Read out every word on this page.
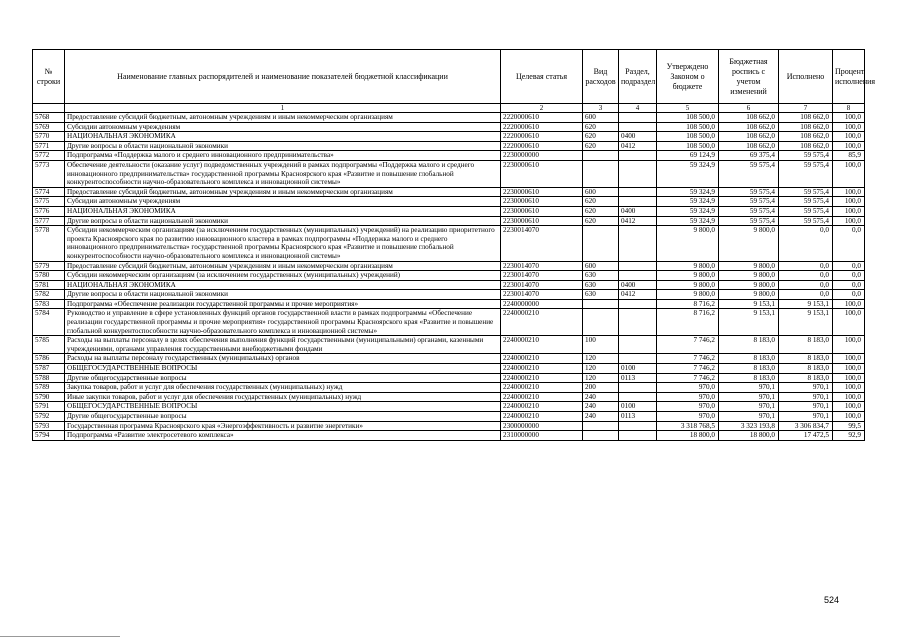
№ строки	Наименование главных распорядителей и наименование показателей бюджетной классификации	Целевая статья	Вид расходов	Раздел, подраздел	Утверждено Законом о бюджете	Бюджетная роспись с учетом изменений	Исполнено	Процент исполнения
	1	2	3	4	5	6	7	8
5768	Предоставление субсидий бюджетным, автономным учреждениям и иным некоммерческим организациям	2220000610	600		108 500,0	108 662,0	108 662,0	100,0
5769	Субсидии автономным учреждениям	2220000610	620		108 500,0	108 662,0	108 662,0	100,0
5770	НАЦИОНАЛЬНАЯ ЭКОНОМИКА	2220000610	620	0400	108 500,0	108 662,0	108 662,0	100,0
5771	Другие вопросы в области национальной экономики	2220000610	620	0412	108 500,0	108 662,0	108 662,0	100,0
5772	Подпрограмма «Поддержка малого и среднего инновационного предпринимательства»	2230000000			69 124,9	69 375,4	59 575,4	85,9
5773	Обеспечение деятельности (оказание услуг) подведомственных учреждений в рамках подпрограммы «Поддержка малого и среднего инновационного предпринимательства» государственной программы Красноярского края «Развитие и повышение глобальной конкурентоспособности научно-образовательного комплекса и инновационной системы»	2230000610			59 324,9	59 575,4	59 575,4	100,0
5774	Предоставление субсидий бюджетным, автономным учреждениям и иным некоммерческим организациям	2230000610	600		59 324,9	59 575,4	59 575,4	100,0
5775	Субсидии автономным учреждениям	2230000610	620		59 324,9	59 575,4	59 575,4	100,0
5776	НАЦИОНАЛЬНАЯ ЭКОНОМИКА	2230000610	620	0400	59 324,9	59 575,4	59 575,4	100,0
5777	Другие вопросы в области национальной экономики	2230000610	620	0412	59 324,9	59 575,4	59 575,4	100,0
5778	Субсидии некоммерческим организациям (за исключением государственных (муниципальных) учреждений) на реализацию приоритетного проекта Красноярского края по развитию инновационного кластера в рамках подпрограммы «Поддержка малого и среднего инновационного предпринимательства» государственной программы Красноярского края «Развитие и повышение глобальной конкурентоспособности научно-образовательного комплекса и инновационной системы»	2230014070			9 800,0	9 800,0	0,0	0,0
5779	Предоставление субсидий бюджетным, автономным учреждениям и иным некоммерческим организациям	2230014070	600		9 800,0	9 800,0	0,0	0,0
5780	Субсидии некоммерческим организациям (за исключением государственных (муниципальных) учреждений)	2230014070	630		9 800,0	9 800,0	0,0	0,0
5781	НАЦИОНАЛЬНАЯ ЭКОНОМИКА	2230014070	630	0400	9 800,0	9 800,0	0,0	0,0
5782	Другие вопросы в области национальной экономики	2230014070	630	0412	9 800,0	9 800,0	0,0	0,0
5783	Подпрограмма «Обеспечение реализации государственной программы и прочие мероприятия»	2240000000			8 716,2	9 153,1	9 153,1	100,0
5784	Руководство и управление в сфере установленных функций органов государственной власти в рамках подпрограммы «Обеспечение реализации государственной программы и прочие мероприятия» государственной программы Красноярского края «Развитие и повышение глобальной конкурентоспособности научно-образовательного комплекса и инновационной системы»	2240000210			8 716,2	9 153,1	9 153,1	100,0
5785	Расходы на выплаты персоналу в целях обеспечения выполнения функций государственными (муниципальными) органами, казенными учреждениями, органами управления государственными внебюджетными фондами	2240000210	100		7 746,2	8 183,0	8 183,0	100,0
5786	Расходы на выплаты персоналу государственных (муниципальных) органов	2240000210	120		7 746,2	8 183,0	8 183,0	100,0
5787	ОБЩЕГОСУДАРСТВЕННЫЕ ВОПРОСЫ	2240000210	120	0100	7 746,2	8 183,0	8 183,0	100,0
5788	Другие общегосударственные вопросы	2240000210	120	0113	7 746,2	8 183,0	8 183,0	100,0
5789	Закупка товаров, работ и услуг для обеспечения государственных (муниципальных) нужд	2240000210	200		970,0	970,1	970,1	100,0
5790	Иные закупки товаров, работ и услуг для обеспечения государственных (муниципальных) нужд	2240000210	240		970,0	970,1	970,1	100,0
5791	ОБЩЕГОСУДАРСТВЕННЫЕ ВОПРОСЫ	2240000210	240	0100	970,0	970,1	970,1	100,0
5792	Другие общегосударственные вопросы	2240000210	240	0113	970,0	970,1	970,1	100,0
5793	Государственная программа Красноярского края «Энергоэффективность и развитие энергетики»	2300000000			3 318 768,5	3 323 193,8	3 306 834,7	99,5
5794	Подпрограмма «Развитие электросетевого комплекса»	2310000000			18 800,0	18 800,0	17 472,5	92,9
524
